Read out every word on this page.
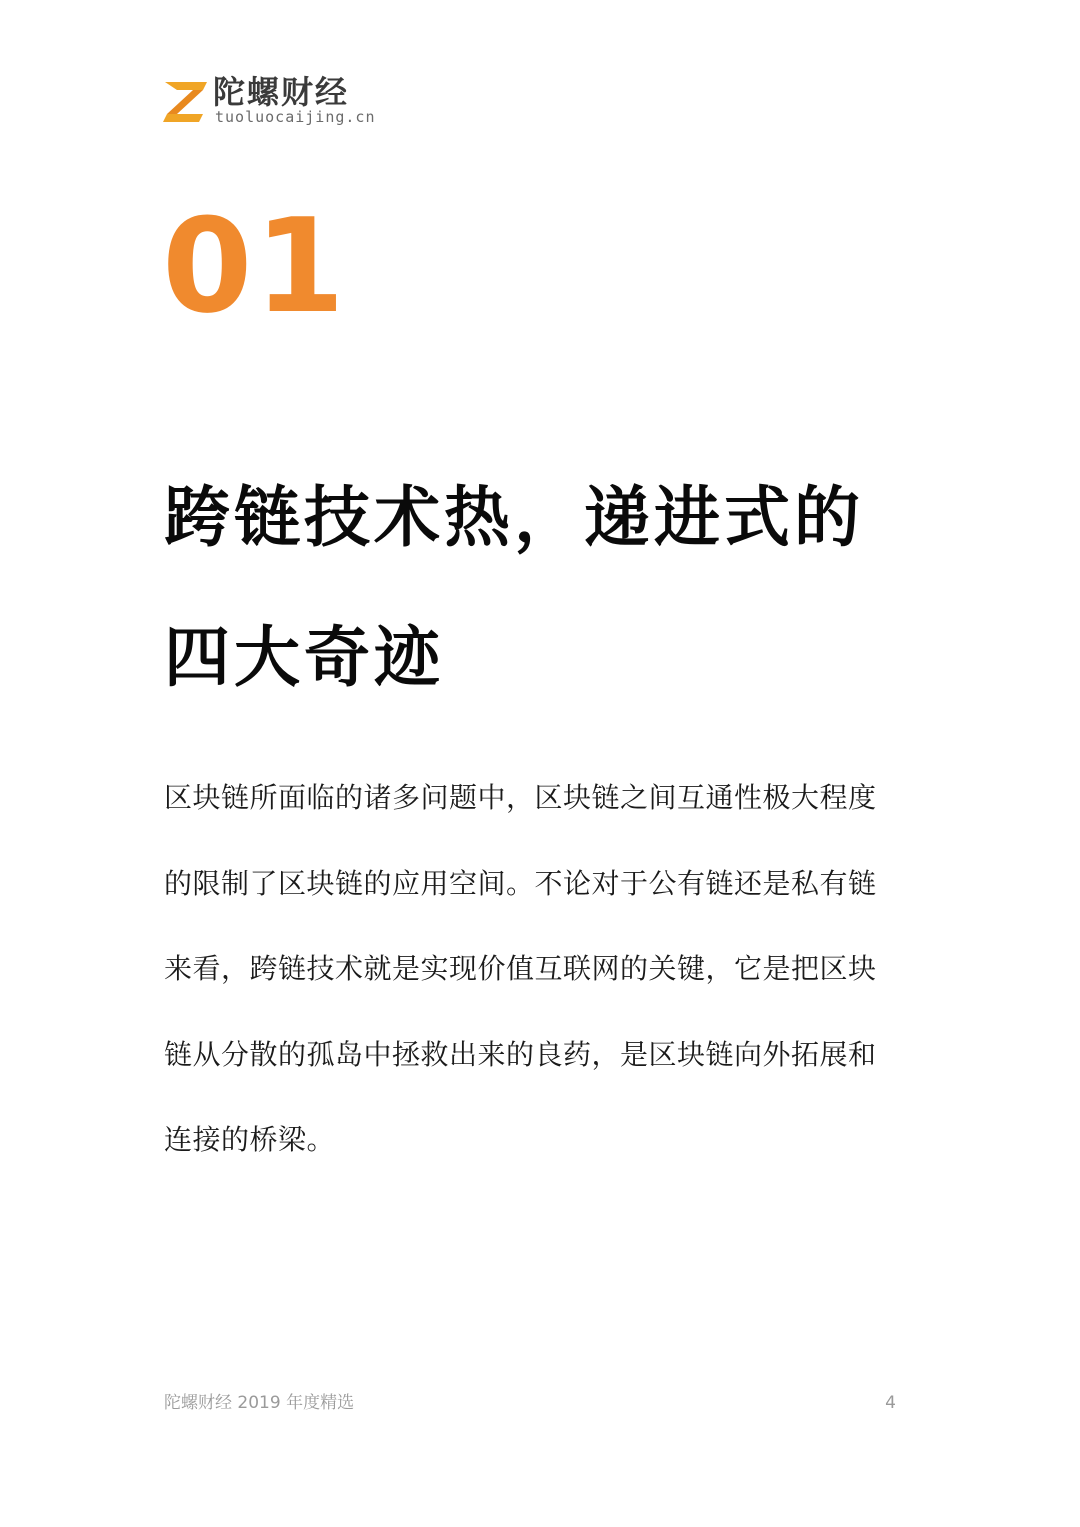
陀螺财经
tuoluocaijing.cn
01
跨链技术热，递进式的
四大奇迹

区块链所面临的诸多问题中，区块链之间互通性极大程度的限制了区块链的应用空间。不论对于公有链还是私有链来看，跨链技术就是实现价值互联网的关键，它是把区块链从分散的孤岛中拯救出来的良药，是区块链向外拓展和连接的桥梁。

陀螺财经 2019 年度精选	4
